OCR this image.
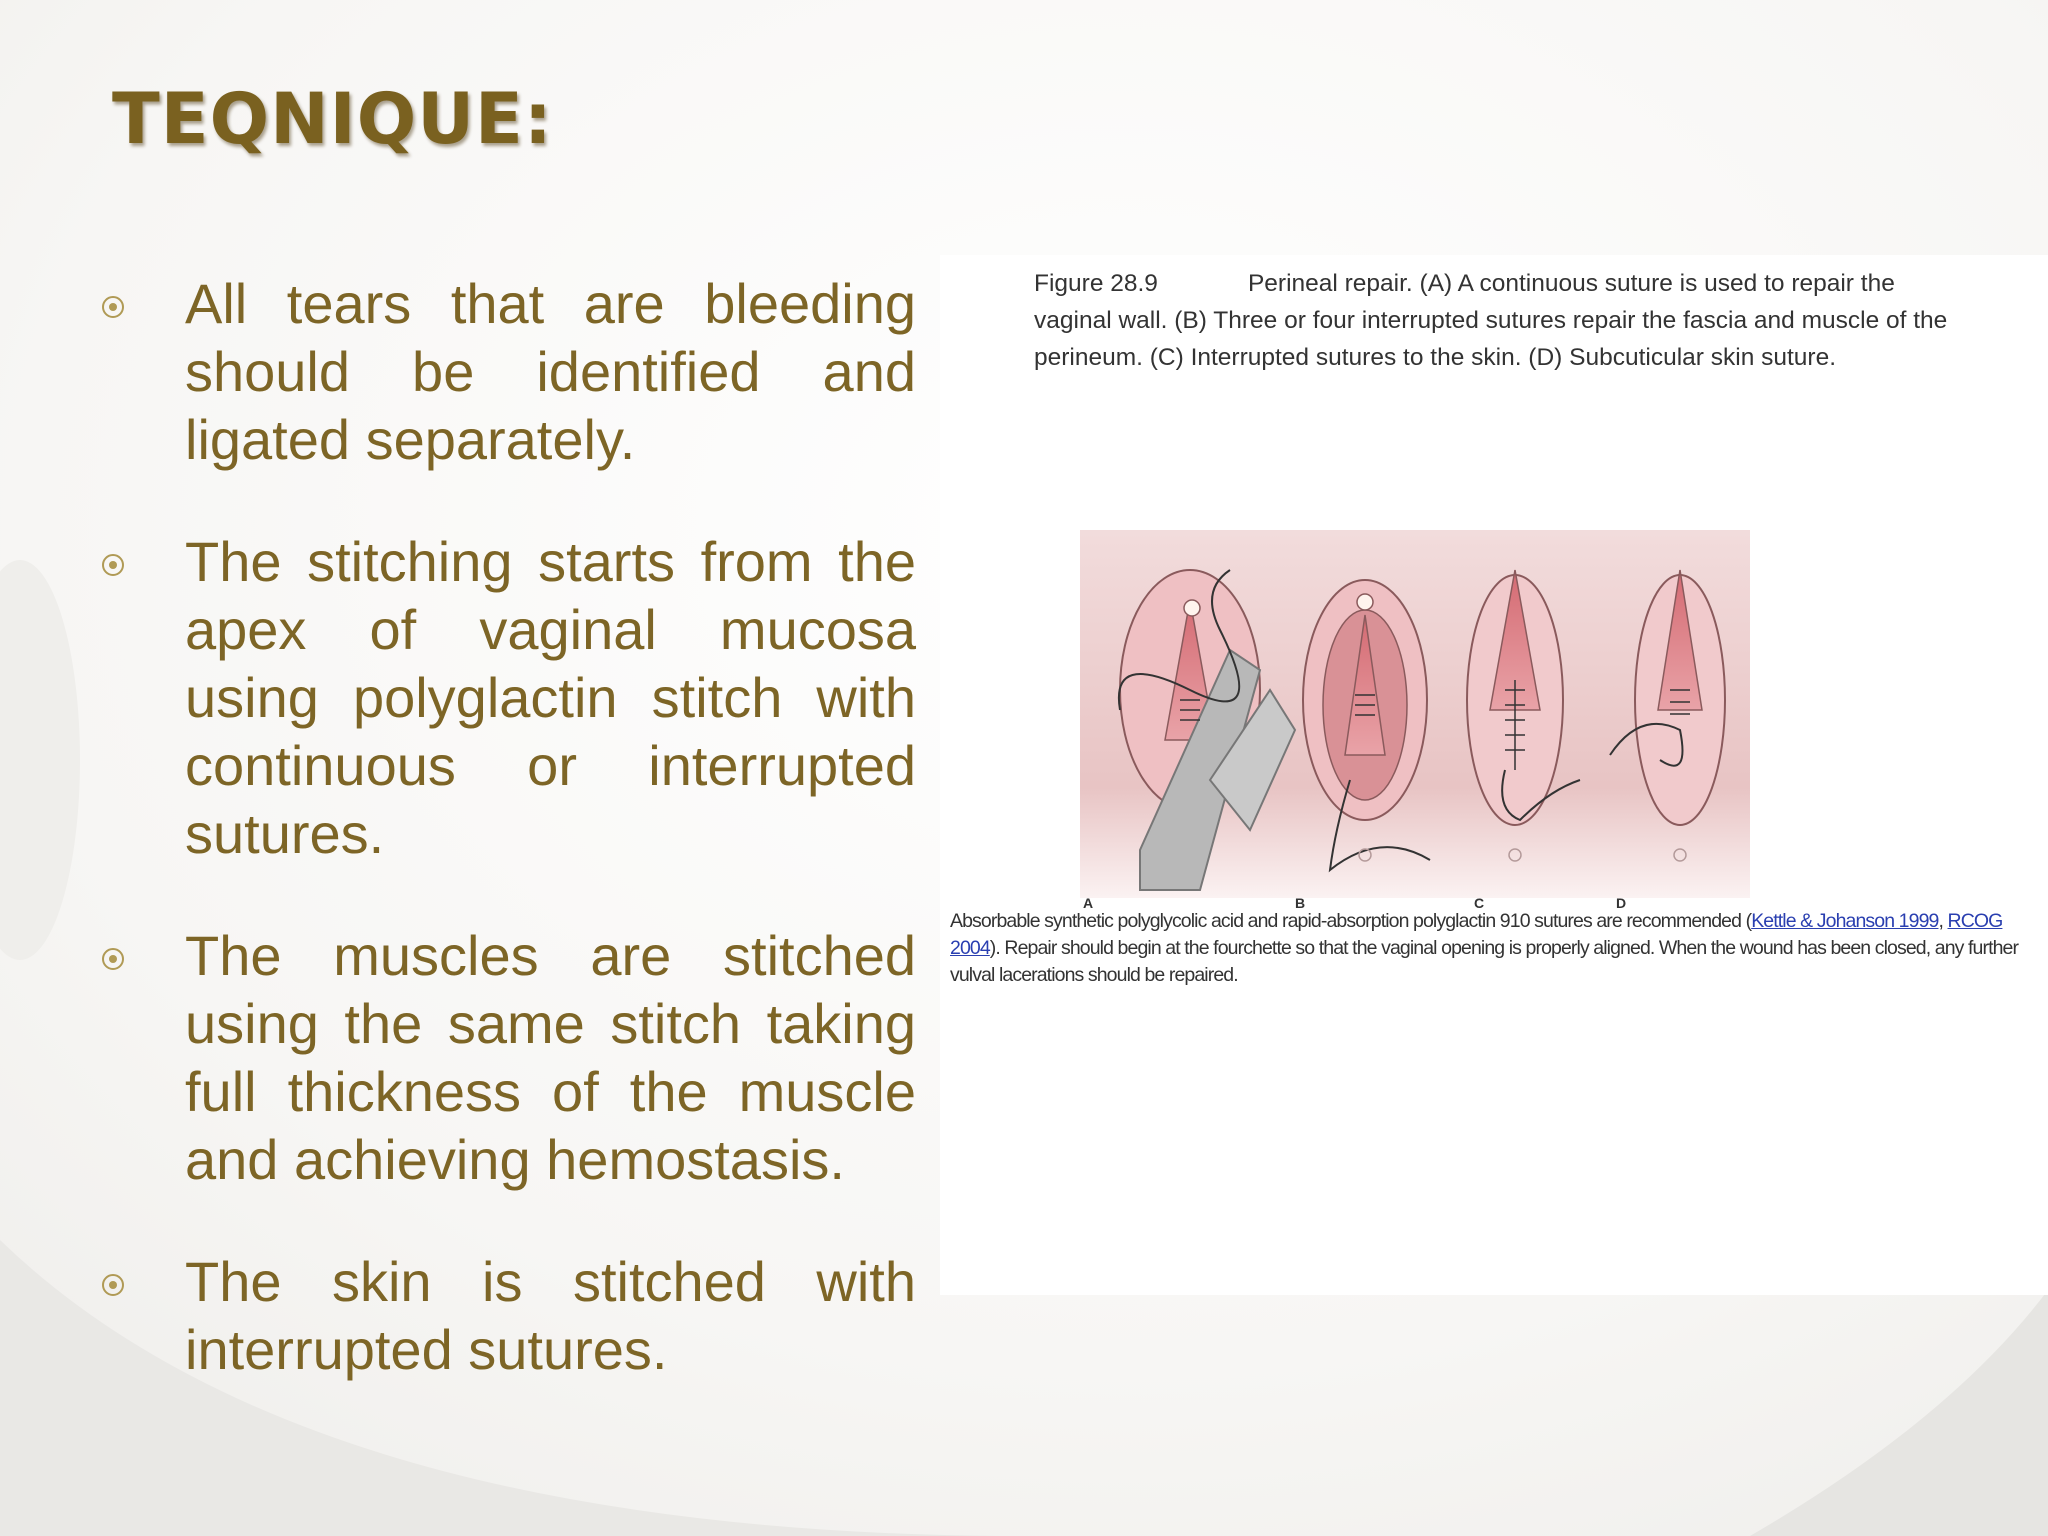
TEQNIQUE:
All tears that are bleeding should be identified and ligated separately.
The stitching starts from the apex of vaginal mucosa using polyglactin stitch with continuous or interrupted sutures.
The muscles are stitched using the same stitch taking full thickness of the muscle and achieving hemostasis.
The skin is stitched with interrupted sutures.

Figure 28.9	Perineal repair. (A) A continuous suture is used to repair the vaginal wall. (B) Three or four interrupted sutures repair the fascia and muscle of the perineum. (C) Interrupted sutures to the skin. (D) Subcuticular skin suture.

A	B	C	D

Absorbable synthetic polyglycolic acid and rapid-absorption polyglactin 910 sutures are recommended (Kettle & Johanson 1999, RCOG 2004). Repair should begin at the fourchette so that the vaginal opening is properly aligned. When the wound has been closed, any further vulval lacerations should be repaired.
